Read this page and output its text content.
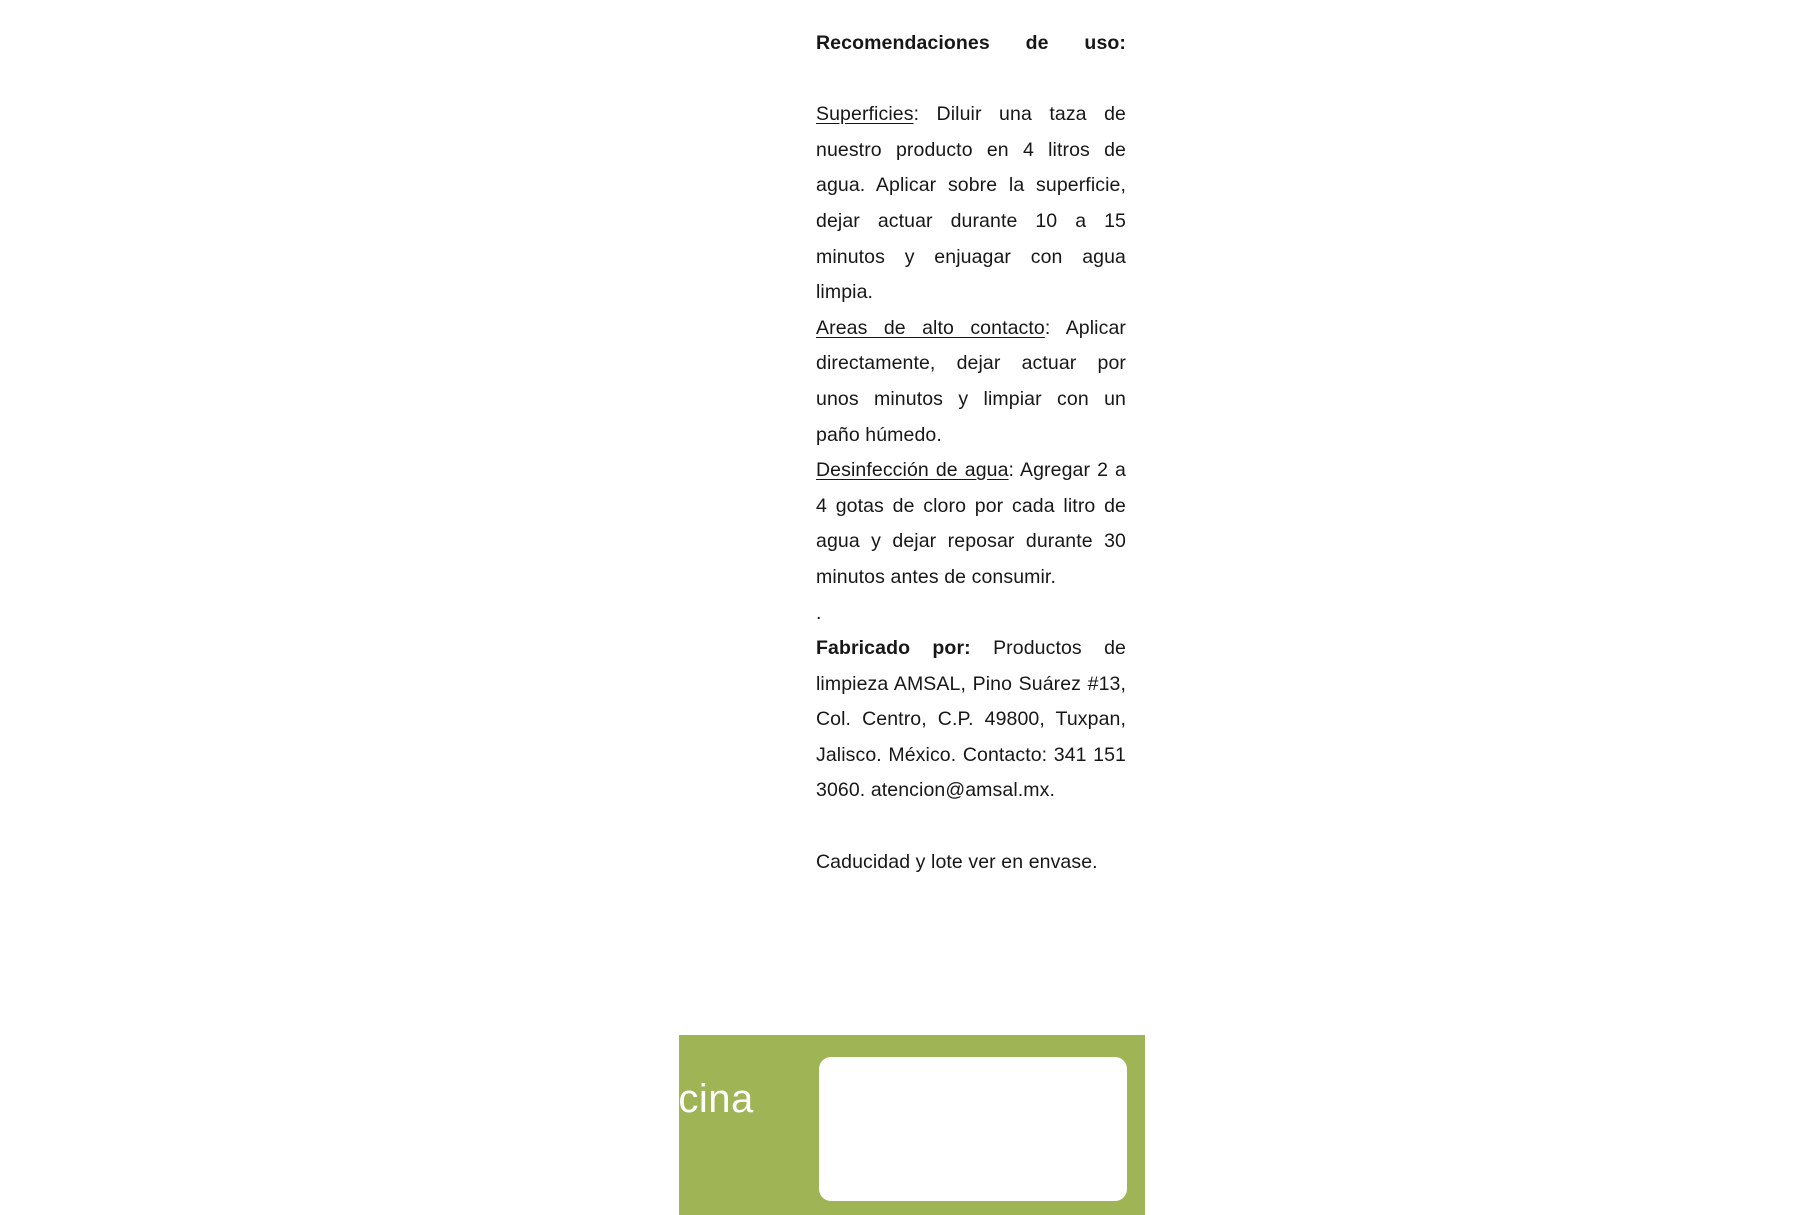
Recomendaciones de uso:

Superficies: Diluir una taza de nuestro producto en 4 litros de agua. Aplicar sobre la superficie, dejar actuar durante 10 a 15 minutos y enjuagar con agua limpia.

Areas de alto contacto: Aplicar directamente, dejar actuar por unos minutos y limpiar con un paño húmedo.

Desinfección de agua: Agregar 2 a 4 gotas de cloro por cada litro de agua y dejar reposar durante 30 minutos antes de consumir.

.

Fabricado por: Productos de limpieza AMSAL, Pino Suárez #13, Col. Centro, C.P. 49800, Tuxpan, Jalisco. México. Contacto: 341 151 3060. atencion@amsal.mx.

Caducidad y lote ver en envase.

icina
